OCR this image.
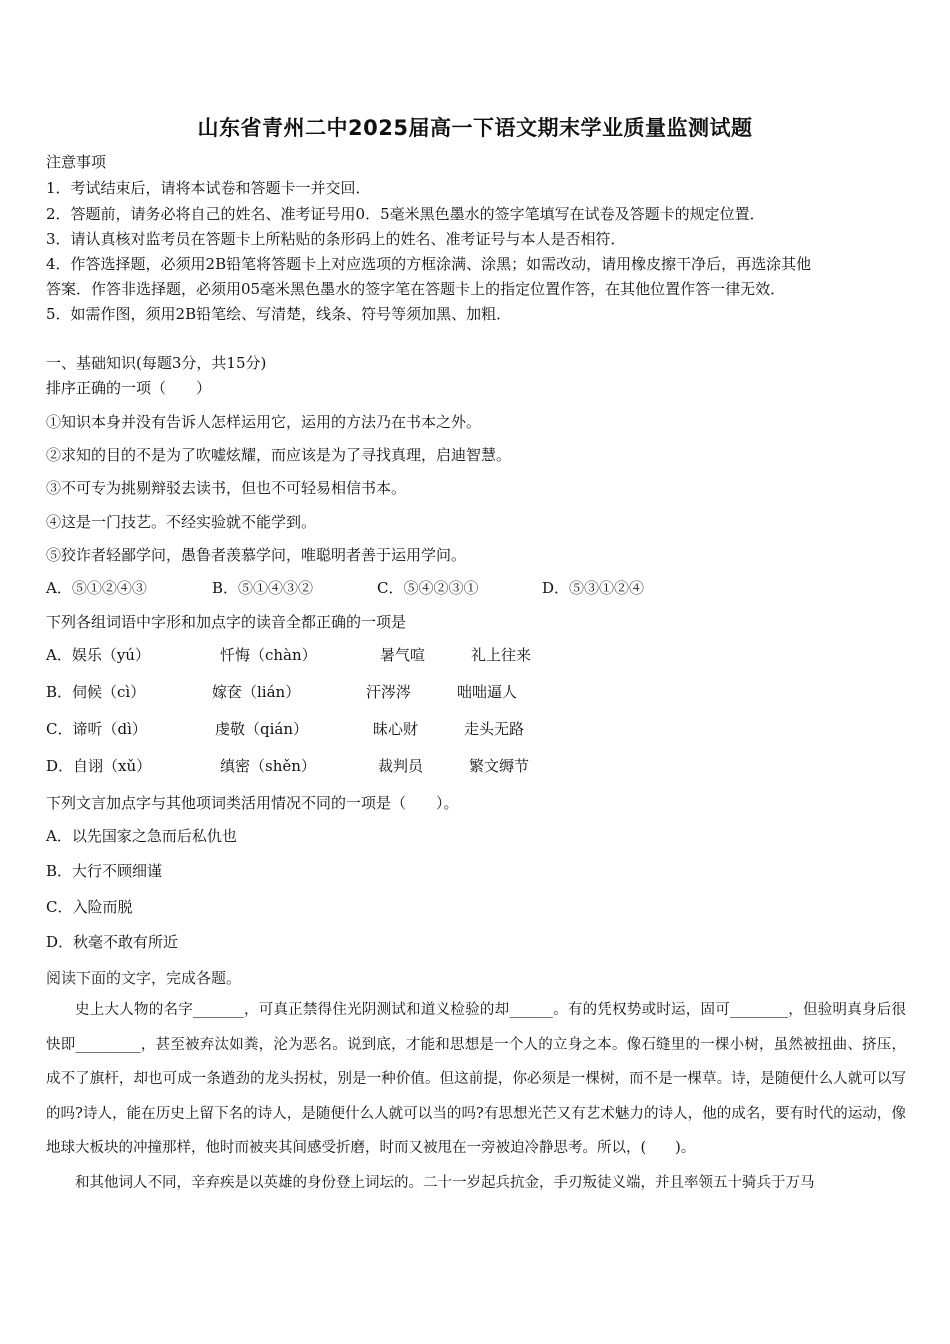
山东省青州二中2025届高一下语文期末学业质量监测试题
注意事项
1．考试结束后，请将本试卷和答题卡一并交回．
2．答题前，请务必将自己的姓名、准考证号用0．5毫米黑色墨水的签字笔填写在试卷及答题卡的规定位置．
3．请认真核对监考员在答题卡上所粘贴的条形码上的姓名、准考证号与本人是否相符．
4．作答选择题，必须用2B铅笔将答题卡上对应选项的方框涂满、涂黑；如需改动，请用橡皮擦干净后，再选涂其他
答案．作答非选择题，必须用05毫米黑色墨水的签字笔在答题卡上的指定位置作答，在其他位置作答一律无效．
5．如需作图，须用2B铅笔绘、写清楚，线条、符号等须加黑、加粗．
一、基础知识(每题3分，共15分)
排序正确的一项（　　）
①知识本身并没有告诉人怎样运用它，运用的方法乃在书本之外。
②求知的目的不是为了吹嘘炫耀，而应该是为了寻找真理，启迪智慧。
③不可专为挑剔辩驳去读书，但也不可轻易相信书本。
④这是一门技艺。不经实验就不能学到。
⑤狡诈者轻鄙学问，愚鲁者羡慕学问，唯聪明者善于运用学问。
A．⑤①②④③	B．⑤①④③②	C．⑤④②③①	D．⑤③①②④
下列各组词语中字形和加点字的读音全都正确的一项是
A．娱乐（yú）	忏悔（chàn）	暑气喧	礼上往来
B．伺候（cì）	嫁奁（lián）	汗涔涔	咄咄逼人
C．谛听（dì）	虔敬（qián）	昧心财	走头无路
D．自诩（xǔ）	缜密（shěn）	裁判员	繁文缛节
下列文言加点字与其他项词类活用情况不同的一项是（　　）。
A．以先国家之急而后私仇也
B．大行不顾细谨
C．入险而脱
D．秋毫不敢有所近
阅读下面的文字，完成各题。

史上大人物的名字_______，可真正禁得住光阴测试和道义检验的却______。有的凭权势或时运，固可________，但验明真身后很快即_________，甚至被弃汰如粪，沦为恶名。说到底，才能和思想是一个人的立身之本。像石缝里的一棵小树，虽然被扭曲、挤压，成不了旗杆，却也可成一条遒劲的龙头拐杖，别是一种价值。但这前提，你必须是一棵树，而不是一棵草。诗，是随便什么人就可以写的吗?诗人，能在历史上留下名的诗人，是随便什么人就可以当的吗?有思想光芒又有艺术魅力的诗人，他的成名，要有时代的运动，像地球大板块的冲撞那样，他时而被夹其间感受折磨，时而又被甩在一旁被迫冷静思考。所以，(　　)。

和其他词人不同，辛弃疾是以英雄的身份登上词坛的。二十一岁起兵抗金，手刃叛徒义端，并且率领五十骑兵于万马
